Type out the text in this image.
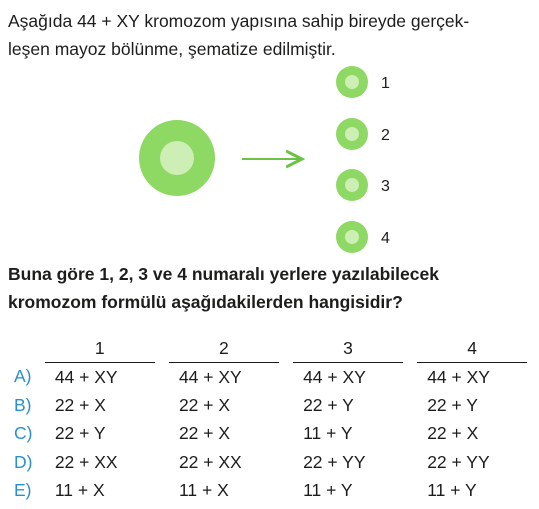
Aşağıda 44 + XY kromozom yapısına sahip bireyde gerçek-
leşen mayoz bölünme, şematize edilmiştir.

1
2
3
4

Buna göre 1, 2, 3 ve 4 numaralı yerlere yazılabilecek
kromozom formülü aşağıdakilerden hangisidir?

	1		2		3		4
A)	44 + XY		44 + XY		44 + XY		44 + XY
B)	22 + X		22 + X		22 + Y		22 + Y
C)	22 + Y		22 + X		11 + Y		22 + X
D)	22 + XX		22 + XX		22 + YY		22 + YY
E)	11 + X		11 + X		11 + Y		11 + Y
